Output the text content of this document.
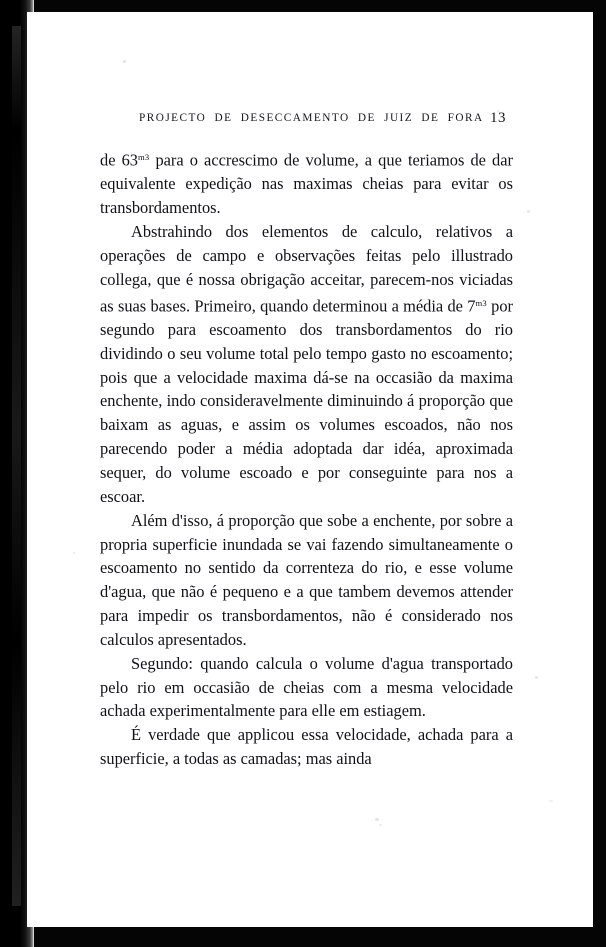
PROJECTO DE DESECCAMENTO DE JUIZ DE FORA 13

de $63^{m3}$ para o accrescimo de volume, a que teriamos de dar equivalente expedição nas maximas cheias para evitar os transbordamentos.

Abstrahindo dos elementos de calculo, relativos a operações de campo e observações feitas pelo illustrado collega, que é nossa obrigação acceitar, parecem-nos viciadas as suas bases. Primeiro, quando determinou a média de $7^{m3}$ por segundo para escoamento dos transbordamentos do rio dividindo o seu volume total pelo tempo gasto no escoamento; pois que a velocidade maxima dá-se na occasião da maxima enchente, indo consideravelmente diminuindo á proporção que baixam as aguas, e assim os volumes escoados, não nos parecendo poder a média adoptada dar idéa, aproximada sequer, do volume escoado e por conseguinte para nos a escoar.

Além d'isso, á proporção que sobe a enchente, por sobre a propria superficie inundada se vai fazendo simultaneamente o escoamento no sentido da correnteza do rio, e esse volume d'agua, que não é pequeno e a que tambem devemos attender para impedir os transbordamentos, não é considerado nos calculos apresentados.

Segundo: quando calcula o volume d'agua transportado pelo rio em occasião de cheias com a mesma velocidade achada experimentalmente para elle em estiagem.

É verdade que applicou essa velocidade, achada para a superficie, a todas as camadas; mas ainda
